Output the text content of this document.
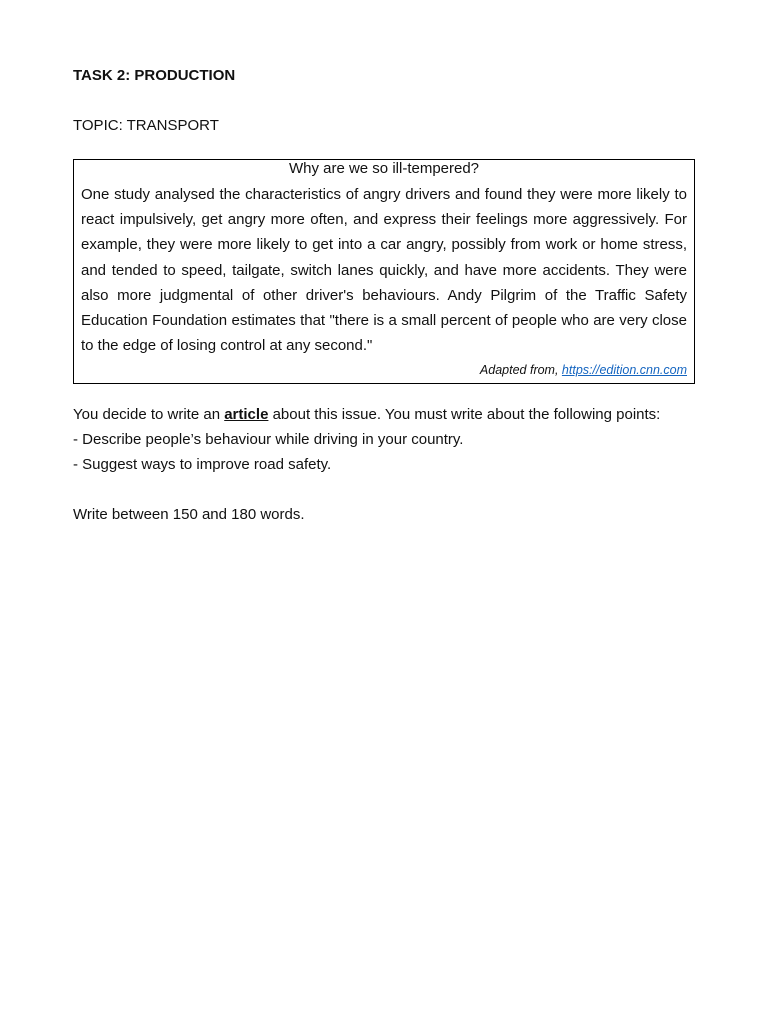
TASK 2: PRODUCTION

TOPIC: TRANSPORT

Why are we so ill-tempered?

One study analysed the characteristics of angry drivers and found they were more likely to react impulsively, get angry more often, and express their feelings more aggressively. For example, they were more likely to get into a car angry, possibly from work or home stress, and tended to speed, tailgate, switch lanes quickly, and have more accidents. They were also more judgmental of other driver's behaviours. Andy Pilgrim of the Traffic Safety Education Foundation estimates that "there is a small percent of people who are very close to the edge of losing control at any second."

Adapted from, https://edition.cnn.com

You decide to write an article about this issue. You must write about the following points:

- Describe people’s behaviour while driving in your country.

- Suggest ways to improve road safety.

Write between 150 and 180 words.
